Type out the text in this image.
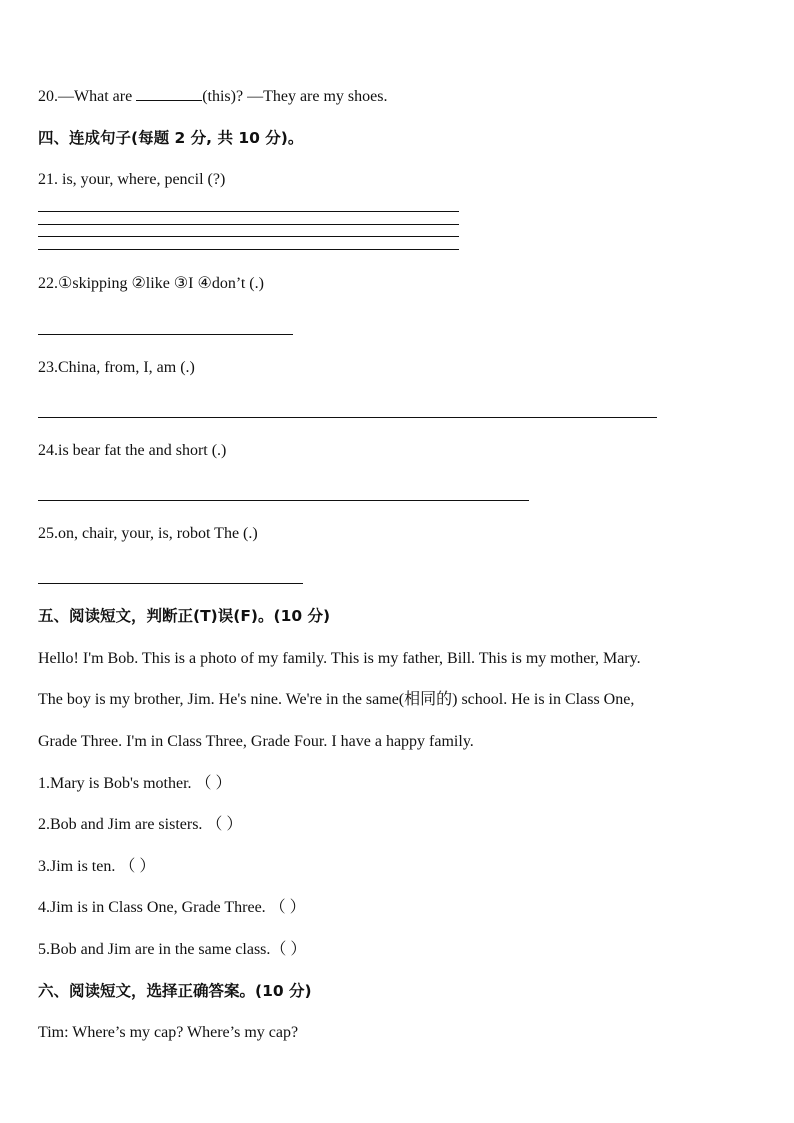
20.—What are	(this)? —They are my shoes.
四、连成句子(每题 2 分, 共 10 分)。
21. is, your, where, pencil (?)
22.①skipping ②like ③I ④don’t (.)
23.China, from, I, am (.)
24.is bear fat the and short (.)
25.on, chair, your, is, robot The (.)
五、阅读短文，判断正(T)误(F)。(10 分)
Hello! I'm Bob. This is a photo of my family. This is my father, Bill. This is my mother, Mary.
The boy is my brother, Jim. He's nine. We're in the same(相同的) school. He is in Class One,
Grade Three. I'm in Class Three, Grade Four. I have a happy family.
1.Mary is Bob's mother. （ ）
2.Bob and Jim are sisters. （ ）
3.Jim is ten. （ ）
4.Jim is in Class One, Grade Three. （ ）
5.Bob and Jim are in the same class.（ ）
六、阅读短文，选择正确答案。(10 分)
Tim: Where’s my cap? Where’s my cap?
